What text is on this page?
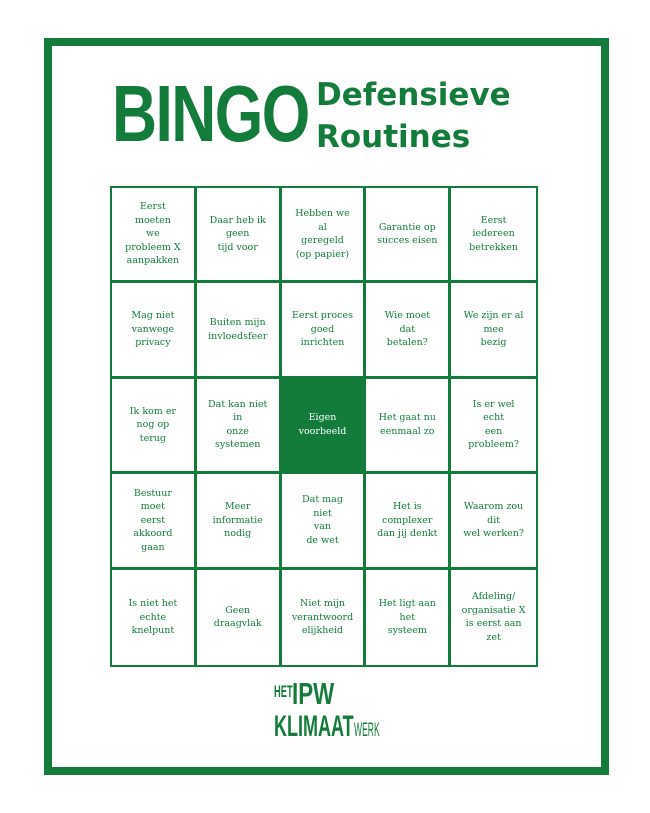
BINGO Defensieve
Routines
Eerst moeten
we
probleem X
aanpakken
Daar heb ik
geen
tijd voor
Hebben we
al
geregeld
(op papier)
Garantie op
succes eisen
Eerst
iedereen
betrekken
Mag niet
vanwege
privacy
Buiten mijn
invloedsfeer
Eerst proces
goed
inrichten
Wie moet dat
betalen?
We zijn er al
mee
bezig
Ik kom er
nog op
terug
Dat kan niet
in
onze
systemen
Eigen
voorbeeld
Het gaat nu
eenmaal zo
Is er wel echt
een
probleem?
Bestuur
moet
eerst
akkoord
gaan
Meer
informatie
nodig
Dat mag niet
van
de wet
Het is
complexer
dan jij denkt
Waarom zou
dit
wel werken?
Is niet het
echte
knelpunt
Geen
draagvlak
Niet mijn
verantwoord
elijkheid
Het ligt aan
het
systeem
Afdeling/
organisatie X
is eerst aan
zet
HET IPW
KLIMAAT WERK
